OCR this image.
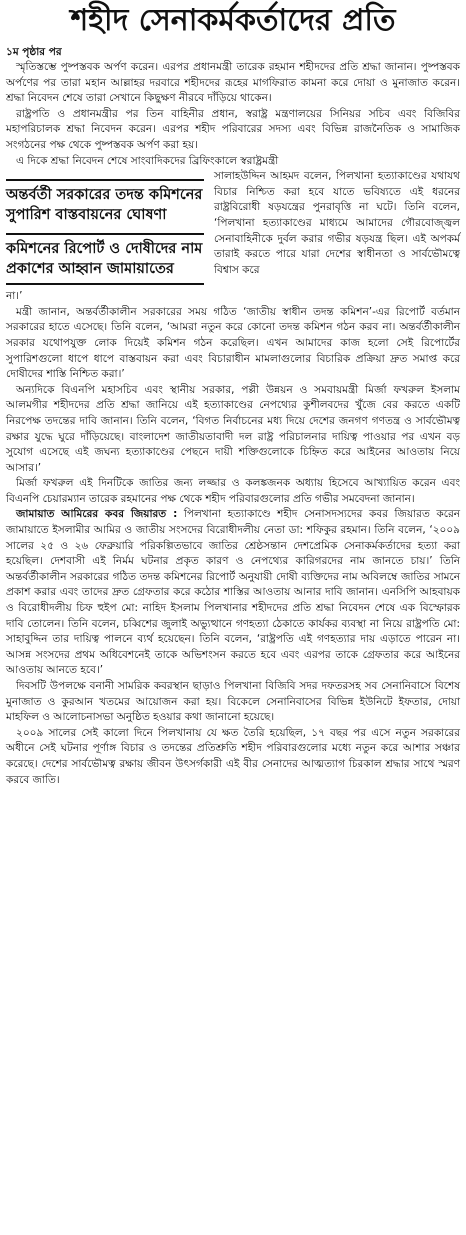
শহীদ সেনাকর্মকর্তাদের প্রতি
১ম পৃষ্ঠার পর

স্মৃতিস্তম্ভে পুষ্পস্তবক অর্পণ করেন। এরপর প্রধানমন্ত্রী তারেক রহমান শহীদদের প্রতি শ্রদ্ধা জানান। পুষ্পস্তবক অর্পণের পর তারা মহান আল্লাহর দরবারে শহীদদের রূহের মাগফিরাত কামনা করে দোয়া ও মুনাজাত করেন। শ্রদ্ধা নিবেদন শেষে তারা সেখানে কিছুক্ষণ নীরবে দাঁড়িয়ে থাকেন।

রাষ্ট্রপতি ও প্রধানমন্ত্রীর পর তিন বাহিনীর প্রধান, স্বরাষ্ট্র মন্ত্রণালয়ের সিনিয়র সচিব এবং বিজিবির মহাপরিচালক শ্রদ্ধা নিবেদন করেন। এরপর শহীদ পরিবারের সদস্য এবং বিভিন্ন রাজনৈতিক ও সামাজিক সংগঠনের পক্ষ থেকে পুষ্পস্তবক অর্পণ করা হয়।

এ দিকে শ্রদ্ধা নিবেদন শেষে সাংবাদিকদের ব্রিফিংকালে স্বরাষ্ট্রমন্ত্রী

অন্তর্বর্তী সরকারের তদন্ত কমিশনের সুপারিশ বাস্তবায়নের ঘোষণা
কমিশনের রিপোর্ট ও দোষীদের নাম প্রকাশের আহ্বান জামায়াতের
সালাহউদ্দিন আহমদ বলেন, পিলখানা হত্যাকাণ্ডের যথাযথ বিচার নিশ্চিত করা হবে যাতে ভবিষ্যতে এই ধরনের রাষ্ট্রবিরোধী ষড়যন্ত্রের পুনরাবৃত্তি না ঘটে। তিনি বলেন, ‘পিলখানা হত্যাকাণ্ডের মাধ্যমে আমাদের গৌরবোজ্জ্বল সেনাবাহিনীকে দুর্বল করার গভীর ষড়যন্ত্র ছিল। এই অপকর্ম তারাই করতে পারে যারা দেশের স্বাধীনতা ও সার্বভৌমত্বে বিশ্বাস করে

না।’

মন্ত্রী জানান, অন্তর্বর্তীকালীন সরকারের সময় গঠিত ‘জাতীয় স্বাধীন তদন্ত কমিশন’-এর রিপোর্ট বর্তমান সরকারের হাতে এসেছে। তিনি বলেন, ‘আমরা নতুন করে কোনো তদন্ত কমিশন গঠন করব না। অন্তর্বর্তীকালীন সরকার যথোপযুক্ত লোক দিয়েই কমিশন গঠন করেছিল। এখন আমাদের কাজ হলো সেই রিপোর্টের সুপারিশগুলো ধাপে ধাপে বাস্তবায়ন করা এবং বিচারাধীন মামলাগুলোর বিচারিক প্রক্রিয়া দ্রুত সমাপ্ত করে দোষীদের শাস্তি নিশ্চিত করা।’

অন্যদিকে বিএনপি মহাসচিব এবং স্থানীয় সরকার, পল্লী উন্নয়ন ও সমবায়মন্ত্রী মির্জা ফখরুল ইসলাম আলমগীর শহীদদের প্রতি শ্রদ্ধা জানিয়ে এই হত্যাকাণ্ডের নেপথ্যের কুশীলবদের খুঁজে বের করতে একটি নিরপেক্ষ তদন্তের দাবি জানান। তিনি বলেন, ‘বিগত নির্বাচনের মধ্য দিয়ে দেশের জনগণ গণতন্ত্র ও সার্বভৌমত্ব রক্ষার যুদ্ধে ঘুরে দাঁড়িয়েছে। বাংলাদেশ জাতীয়তাবাদী দল রাষ্ট্র পরিচালনার দায়িত্ব পাওয়ার পর এখন বড় সুযোগ এসেছে এই জঘন্য হত্যাকাণ্ডের পেছনে দায়ী শক্তিগুলোকে চিহ্নিত করে আইনের আওতায় নিয়ে আসার।’

মির্জা ফখরুল এই দিনটিকে জাতির জন্য লজ্জার ও কলঙ্কজনক অধ্যায় হিসেবে আখ্যায়িত করেন এবং বিএনপি চেয়ারম্যান তারেক রহমানের পক্ষ থেকে শহীদ পরিবারগুলোর প্রতি গভীর সমবেদনা জানান।

জামায়াত আমিরের কবর জিয়ারত : পিলখানা হত্যাকাণ্ডে শহীদ সেনাসদস্যদের কবর জিয়ারত করেন জামায়াতে ইসলামীর আমির ও জাতীয় সংসদের বিরোধীদলীয় নেতা ডা: শফিকুর রহমান। তিনি বলেন, ‘২০০৯ সালের ২৫ ও ২৬ ফেব্রুয়ারি পরিকল্পিতভাবে জাতির শ্রেষ্ঠসন্তান দেশপ্রেমিক সেনাকর্মকর্তাদের হত্যা করা হয়েছিল। দেশবাসী এই নির্মম ঘটনার প্রকৃত কারণ ও নেপথ্যের কারিগরদের নাম জানতে চায়।’ তিনি অন্তর্বর্তীকালীন সরকারের গঠিত তদন্ত কমিশনের রিপোর্ট অনুযায়ী দোষী ব্যক্তিদের নাম অবিলম্বে জাতির সামনে প্রকাশ করার এবং তাদের দ্রুত গ্রেফতার করে কঠোর শাস্তির আওতায় আনার দাবি জানান। এনসিপি আহবায়ক ও বিরোধীদলীয় চিফ হুইপ মো: নাহিদ ইসলাম পিলখানার শহীদদের প্রতি শ্রদ্ধা নিবেদন শেষে এক বিস্ফোরক দাবি তোলেন। তিনি বলেন, চব্বিশের জুলাই অভ্যুত্থানে গণহত্যা ঠেকাতে কার্যকর ব্যবস্থা না নিয়ে রাষ্ট্রপতি মো: সাহাবুদ্দিন তার দায়িত্ব পালনে ব্যর্থ হয়েছেন। তিনি বলেন, ‘রাষ্ট্রপতি এই গণহত্যার দায় এড়াতে পারেন না। আসন্ন সংসদের প্রথম অধিবেশনেই তাকে অভিশংসন করতে হবে এবং এরপর তাকে গ্রেফতার করে আইনের আওতায় আনতে হবে।’

দিবসটি উপলক্ষে বনানী সামরিক কবরস্থান ছাড়াও পিলখানা বিজিবি সদর দফতরসহ সব সেনানিবাসে বিশেষ মুনাজাত ও কুরআন খতমের আয়োজন করা হয়। বিকেলে সেনানিবাসের বিভিন্ন ইউনিটে ইফতার, দোয়া মাহফিল ও আলোচনাসভা অনুষ্ঠিত হওয়ার কথা জানানো হয়েছে।

২০০৯ সালের সেই কালো দিনে পিলখানায় যে ক্ষত তৈরি হয়েছিল, ১৭ বছর পর এসে নতুন সরকারের অধীনে সেই ঘটনার পূর্ণাঙ্গ বিচার ও তদন্তের প্রতিশ্রুতি শহীদ পরিবারগুলোর মধ্যে নতুন করে আশার সঞ্চার করেছে। দেশের সার্বভৌমত্ব রক্ষায় জীবন উৎসর্গকারী এই বীর সেনাদের আত্মত্যাগ চিরকাল শ্রদ্ধার সাথে স্মরণ করবে জাতি।
